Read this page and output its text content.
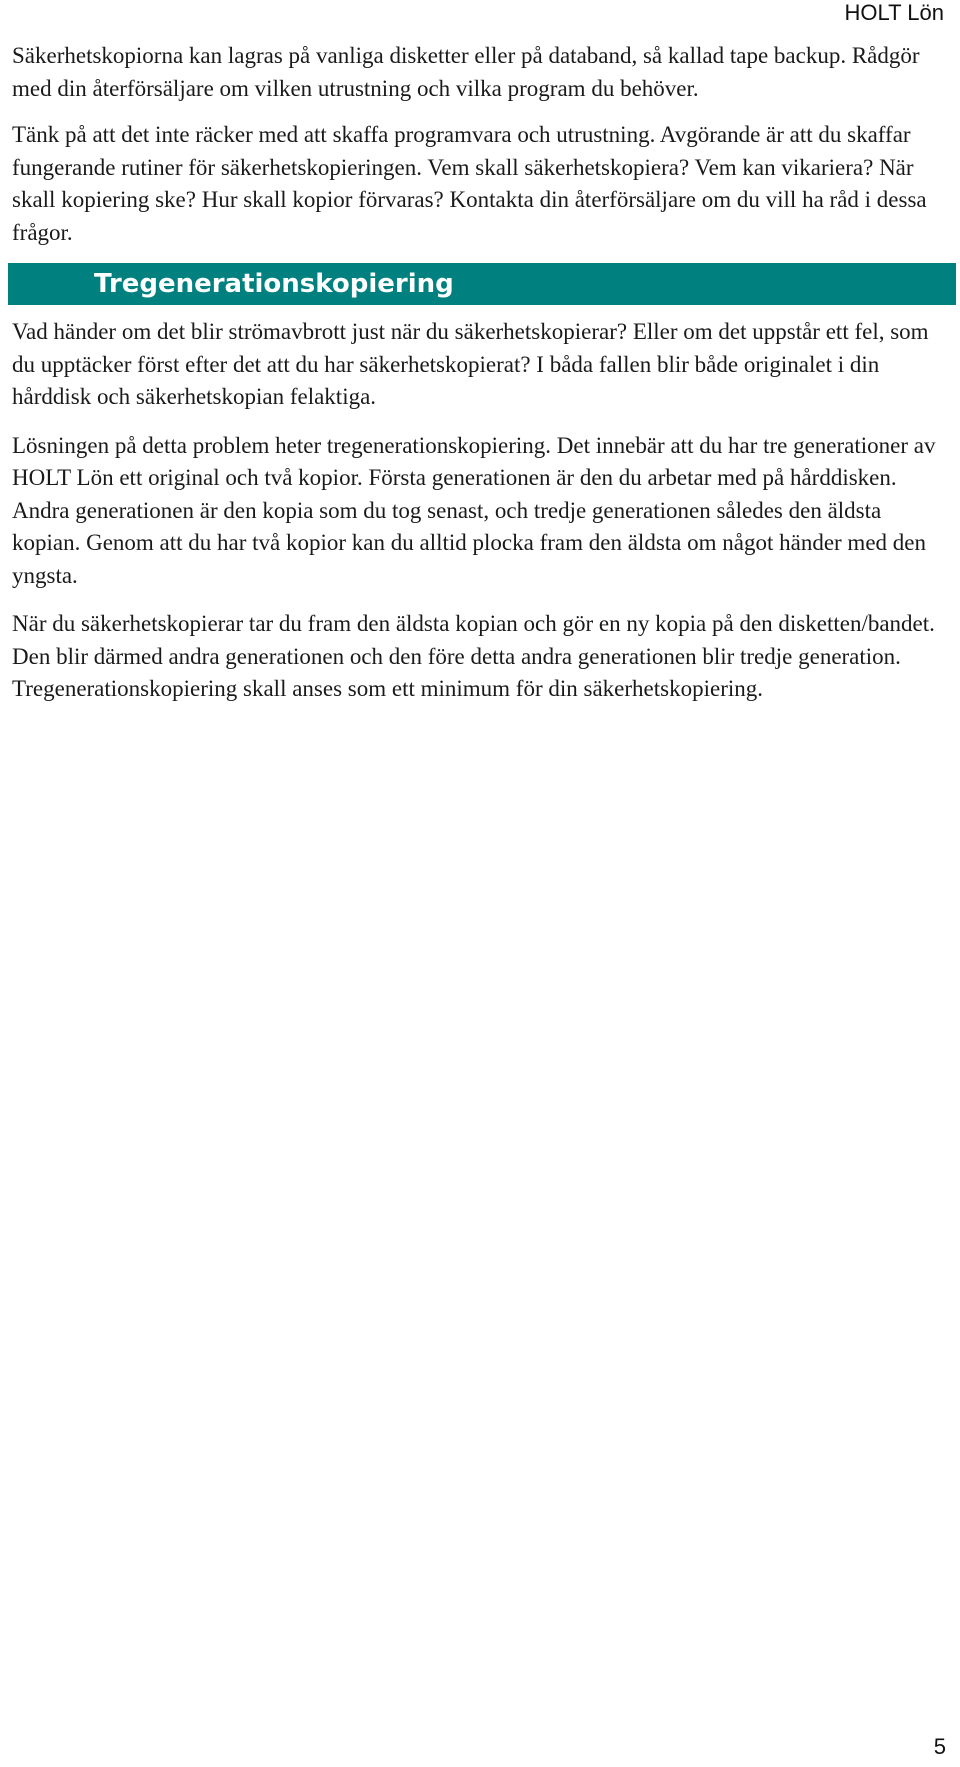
HOLT Lön

Säkerhetskopiorna kan lagras på vanliga disketter eller på databand, så kallad tape backup. Rådgör med din återförsäljare om vilken utrustning och vilka program du behöver.

Tänk på att det inte räcker med att skaffa programvara och utrustning. Avgörande är att du skaffar fungerande rutiner för säkerhetskopieringen. Vem skall säkerhetskopiera? Vem kan vikariera? När skall kopiering ske? Hur skall kopior förvaras? Kontakta din återförsäljare om du vill ha råd i dessa frågor.

Tregenerationskopiering

Vad händer om det blir strömavbrott just när du säkerhetskopierar? Eller om det uppstår ett fel, som du upptäcker först efter det att du har säkerhetskopierat? I båda fallen blir både originalet i din hårddisk och säkerhetskopian felaktiga.

Lösningen på detta problem heter tregenerationskopiering. Det innebär att du har tre generationer av HOLT Lön ett original och två kopior. Första generationen är den du arbetar med på hårddisken. Andra generationen är den kopia som du tog senast, och tredje generationen således den äldsta kopian. Genom att du har två kopior kan du alltid plocka fram den äldsta om något händer med den yngsta.

När du säkerhetskopierar tar du fram den äldsta kopian och gör en ny kopia på den disketten/bandet. Den blir därmed andra generationen och den före detta andra generationen blir tredje generation. Tregenerationskopiering skall anses som ett minimum för din säkerhetskopiering.

5
